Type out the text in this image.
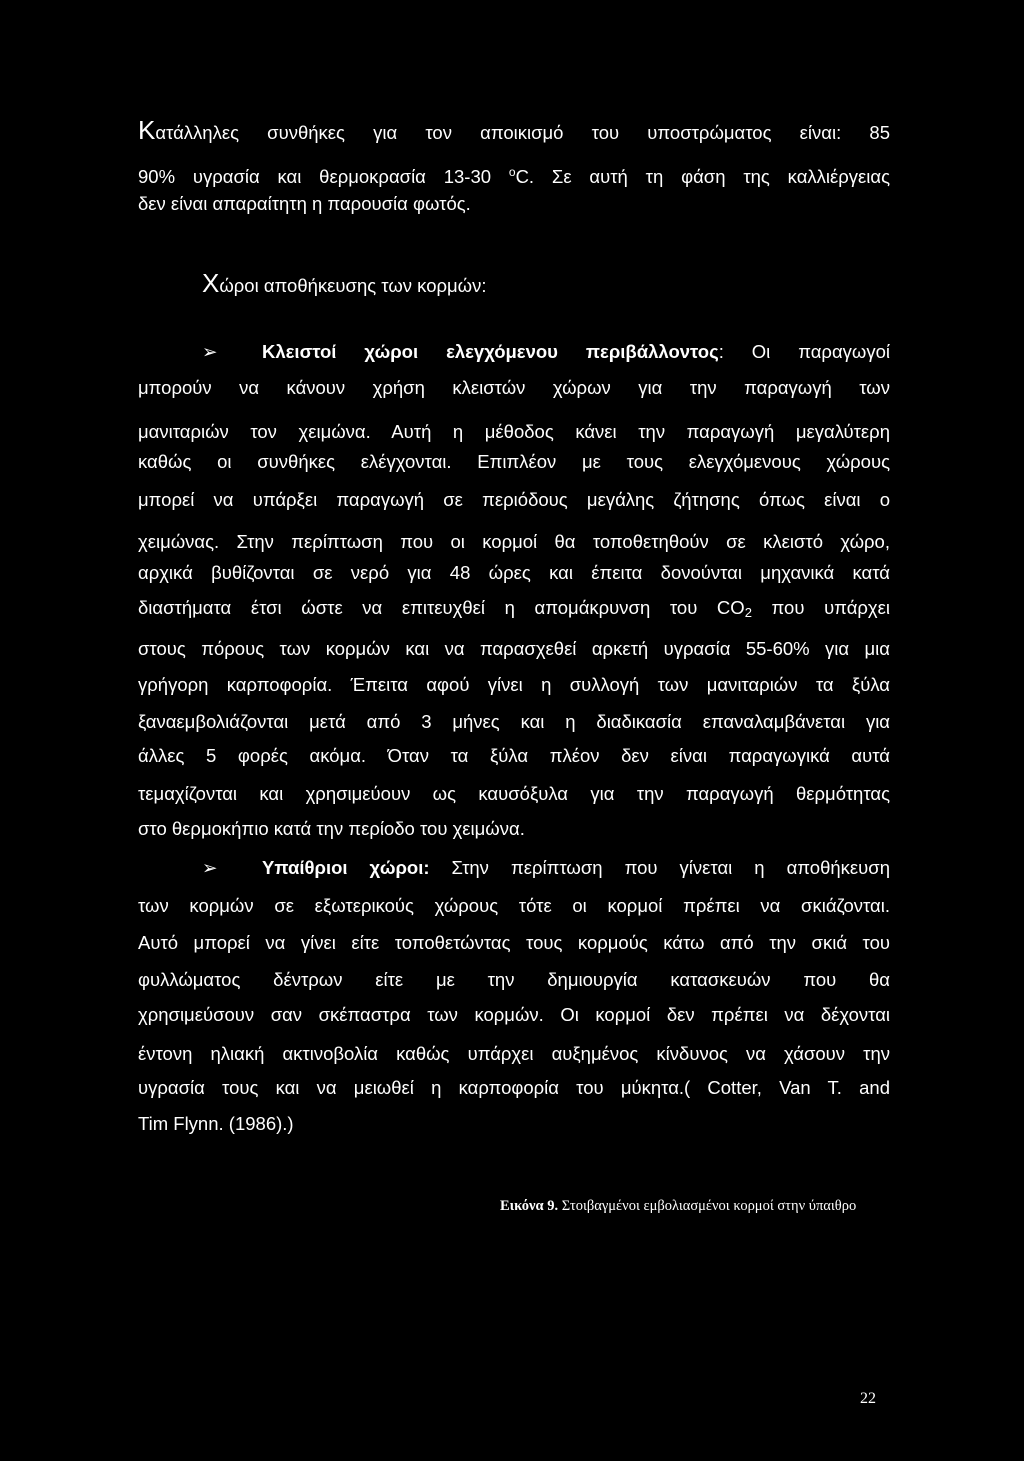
Κατάλληλες συνθήκες για τον αποικισμό του υποστρώματος είναι: 85
90% υγρασία και θερμοκρασία 13-30 $^o$C. Σε αυτή τη φάση της καλλιέργειας
δεν είναι απαραίτητη η παρουσία φωτός.
Χώροι αποθήκευσης των κορμών:
➢	Κλειστοί χώροι ελεγχόμενου περιβάλλοντος: Οι παραγωγοί
μπορούν να κάνουν χρήση κλειστών χώρων για την παραγωγή των
μανιταριών τον χειμώνα. Αυτή η μέθοδος κάνει την παραγωγή μεγαλύτερη
καθώς οι συνθήκες ελέγχονται. Επιπλέον με τους ελεγχόμενους χώρους
μπορεί να υπάρξει παραγωγή σε περιόδους μεγάλης ζήτησης όπως είναι ο
χειμώνας. Στην περίπτωση που οι κορμοί θα τοποθετηθούν σε κλειστό χώρο,
αρχικά βυθίζονται σε νερό για 48 ώρες και έπειτα δονούνται μηχανικά κατά
διαστήματα έτσι ώστε να επιτευχθεί η απομάκρυνση του $CO_2$ που υπάρχει
στους πόρους των κορμών και να παρασχεθεί αρκετή υγρασία 55-60% για μια
γρήγορη καρποφορία. Έπειτα αφού γίνει η συλλογή των μανιταριών τα ξύλα
ξαναεμβολιάζονται μετά από 3 μήνες και η διαδικασία επαναλαμβάνεται για
άλλες 5 φορές ακόμα. Όταν τα ξύλα πλέον δεν είναι παραγωγικά αυτά
τεμαχίζονται και χρησιμεύουν ως καυσόξυλα για την παραγωγή θερμότητας
στο θερμοκήπιο κατά την περίοδο του χειμώνα.
➢	Υπαίθριοι χώροι: Στην περίπτωση που γίνεται η αποθήκευση
των κορμών σε εξωτερικούς χώρους τότε οι κορμοί πρέπει να σκιάζονται.
Αυτό μπορεί να γίνει είτε τοποθετώντας τους κορμούς κάτω από την σκιά του
φυλλώματος δέντρων είτε με την δημιουργία κατασκευών που θα
χρησιμεύσουν σαν σκέπαστρα των κορμών. Οι κορμοί δεν πρέπει να δέχονται
έντονη ηλιακή ακτινοβολία καθώς υπάρχει αυξημένος κίνδυνος να χάσουν την
υγρασία τους και να μειωθεί η καρποφορία του μύκητα.( Cotter, Van T. and
Tim Flynn. (1986).)
Εικόνα 9. Στοιβαγμένοι εμβολιασμένοι κορμοί στην ύπαιθρο
22
